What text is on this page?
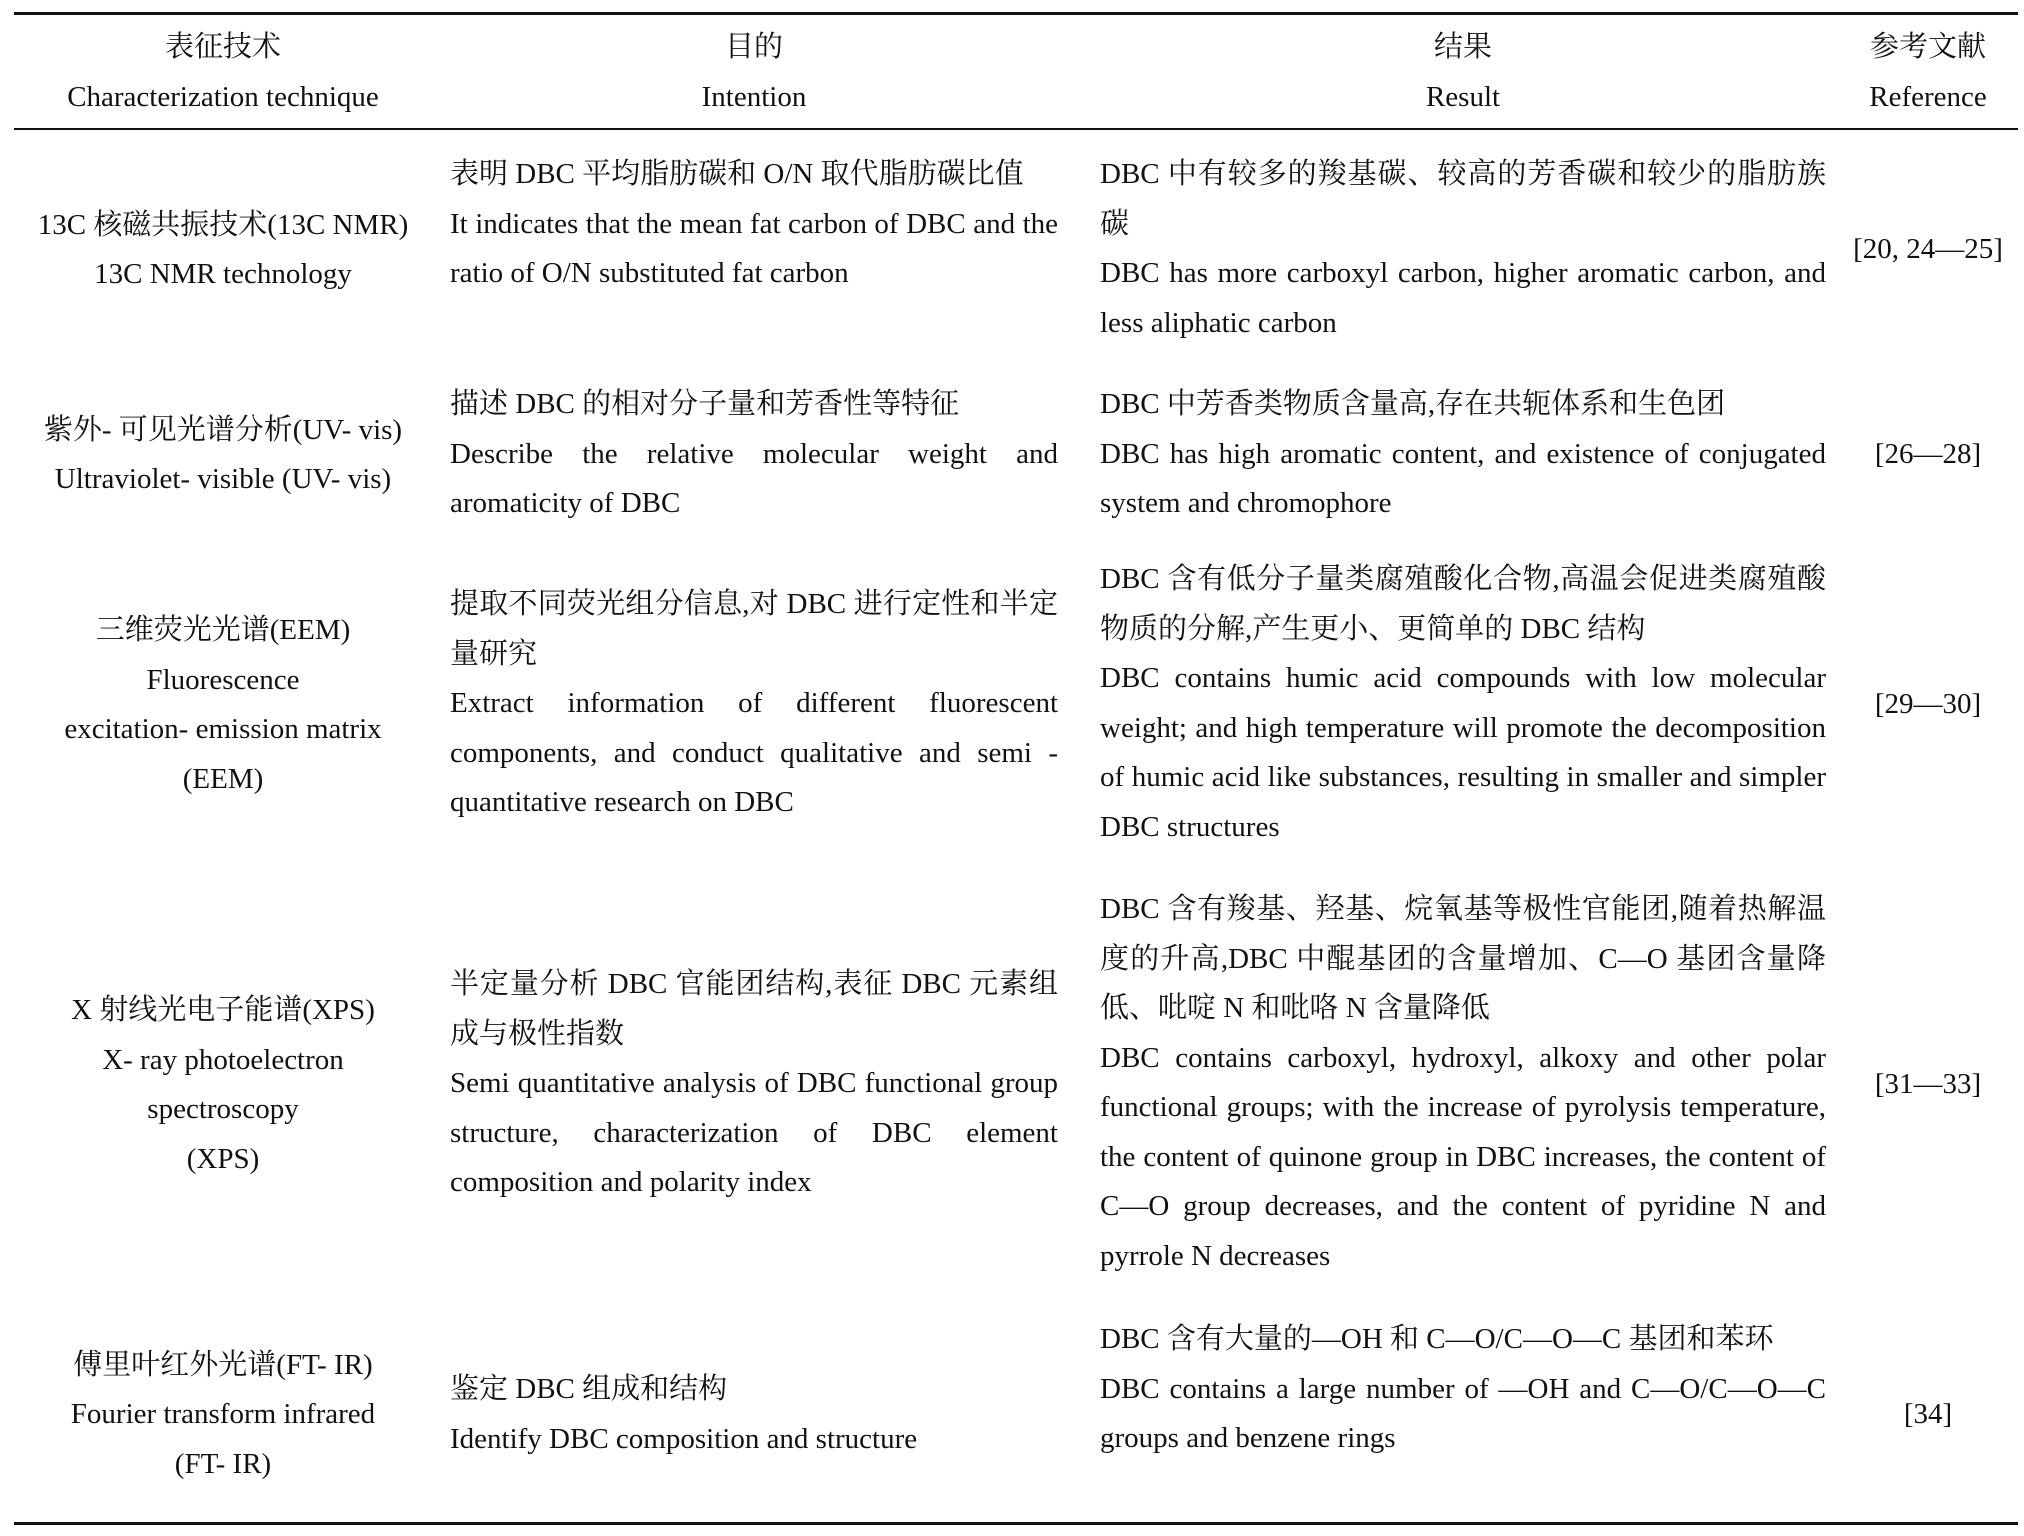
表征技术
Characterization technique
目的
Intention
结果
Result
参考文献
Reference
13C 核磁共振技术(13C NMR)
13C NMR technology
表明 DBC 平均脂肪碳和 O/N 取代脂肪碳比值
It indicates that the mean fat carbon of DBC and the ratio of O/N substituted fat carbon
DBC 中有较多的羧基碳、较高的芳香碳和较少的脂肪族碳
DBC has more carboxyl carbon, higher aromatic carbon, and less aliphatic carbon
[20, 24—25]
紫外- 可见光谱分析(UV- vis)
Ultraviolet- visible (UV- vis)
描述 DBC 的相对分子量和芳香性等特征
Describe the relative molecular weight and aromaticity of DBC
DBC 中芳香类物质含量高,存在共轭体系和生色团
DBC has high aromatic content, and existence of conjugated system and chromophore
[26—28]
三维荧光光谱(EEM)
Fluorescence
excitation- emission matrix
(EEM)
提取不同荧光组分信息,对 DBC 进行定性和半定量研究
Extract information of different fluorescent components, and conduct qualitative and semi - quantitative research on DBC
DBC 含有低分子量类腐殖酸化合物,高温会促进类腐殖酸物质的分解,产生更小、更简单的 DBC 结构
DBC contains humic acid compounds with low molecular weight; and high temperature will promote the decomposition of humic acid like substances, resulting in smaller and simpler DBC structures
[29—30]
X 射线光电子能谱(XPS)
X- ray photoelectron
spectroscopy
(XPS)
半定量分析 DBC 官能团结构,表征 DBC 元素组成与极性指数
Semi quantitative analysis of DBC functional group structure, characterization of DBC element composition and polarity index
DBC 含有羧基、羟基、烷氧基等极性官能团,随着热解温度的升高,DBC 中醌基团的含量增加、C—O 基团含量降低、吡啶 N 和吡咯 N 含量降低
DBC contains carboxyl, hydroxyl, alkoxy and other polar functional groups; with the increase of pyrolysis temperature, the content of quinone group in DBC increases, the content of C—O group decreases, and the content of pyridine N and pyrrole N decreases
[31—33]
傅里叶红外光谱(FT- IR)
Fourier transform infrared
(FT- IR)
鉴定 DBC 组成和结构
Identify DBC composition and structure
DBC 含有大量的—OH 和 C—O/C—O—C 基团和苯环
DBC contains a large number of —OH and C—O/C—O—C groups and benzene rings
[34]
